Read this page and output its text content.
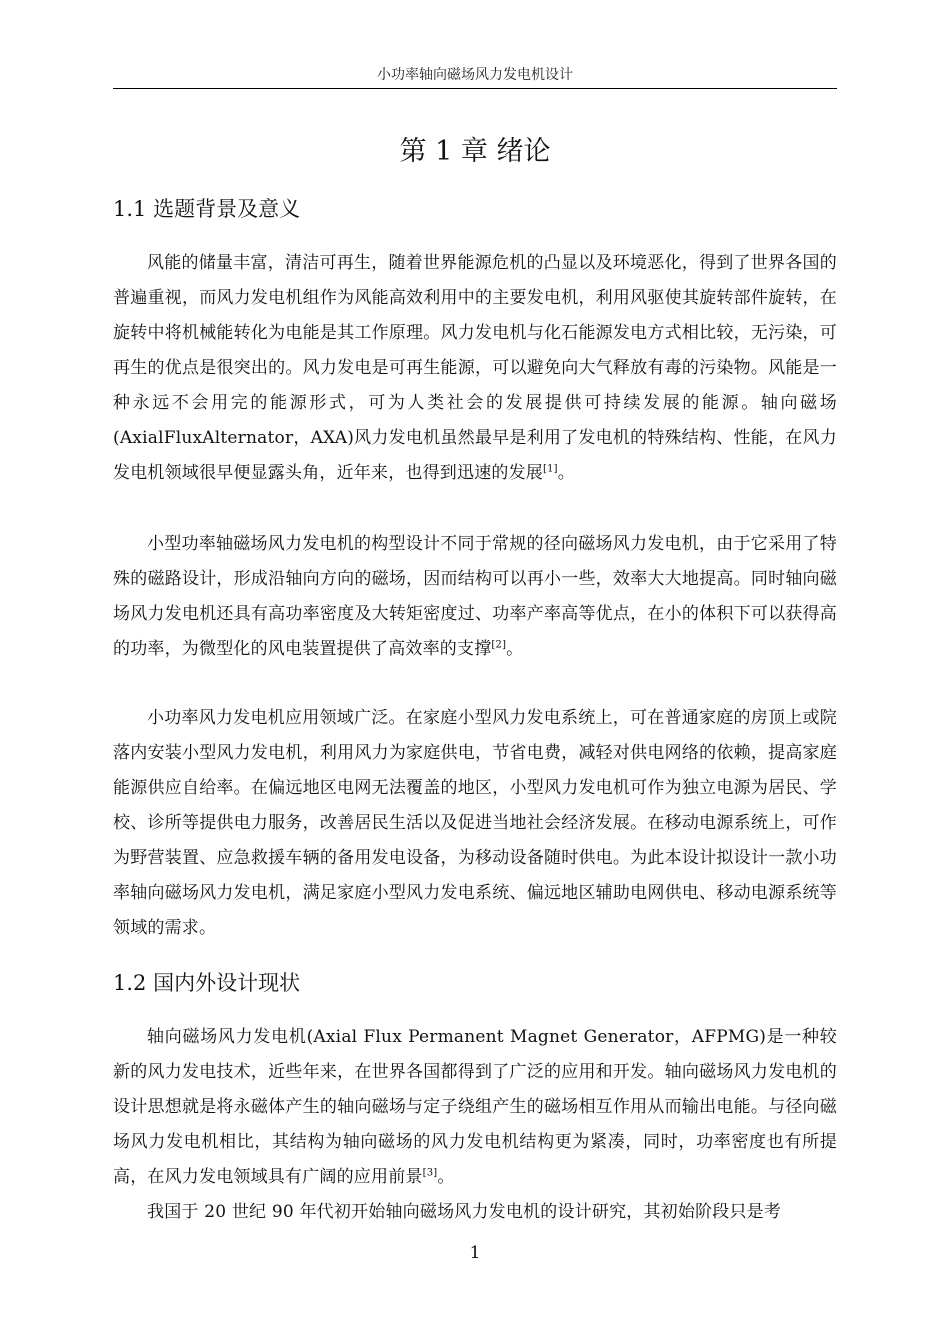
小功率轴向磁场风力发电机设计
第 1 章 绪论
1.1 选题背景及意义

风能的储量丰富，清洁可再生，随着世界能源危机的凸显以及环境恶化，得到了世界各国的普遍重视，而风力发电机组作为风能高效利用中的主要发电机，利用风驱使其旋转部件旋转，在旋转中将机械能转化为电能是其工作原理。风力发电机与化石能源发电方式相比较，无污染，可再生的优点是很突出的。风力发电是可再生能源，可以避免向大气释放有毒的污染物。风能是一种永远不会用完的能源形式，可为人类社会的发展提供可持续发展的能源。轴向磁场(AxialFluxAlternator，AXA)风力发电机虽然最早是利用了发电机的特殊结构、性能，在风力发电机领域很早便显露头角，近年来，也得到迅速的发展[1]。

小型功率轴磁场风力发电机的构型设计不同于常规的径向磁场风力发电机，由于它采用了特殊的磁路设计，形成沿轴向方向的磁场，因而结构可以再小一些，效率大大地提高。同时轴向磁场风力发电机还具有高功率密度及大转矩密度过、功率产率高等优点，在小的体积下可以获得高的功率，为微型化的风电装置提供了高效率的支撑[2]。

小功率风力发电机应用领域广泛。在家庭小型风力发电系统上，可在普通家庭的房顶上或院落内安装小型风力发电机，利用风力为家庭供电，节省电费，减轻对供电网络的依赖，提高家庭能源供应自给率。在偏远地区电网无法覆盖的地区，小型风力发电机可作为独立电源为居民、学校、诊所等提供电力服务，改善居民生活以及促进当地社会经济发展。在移动电源系统上，可作为野营装置、应急救援车辆的备用发电设备，为移动设备随时供电。为此本设计拟设计一款小功率轴向磁场风力发电机，满足家庭小型风力发电系统、偏远地区辅助电网供电、移动电源系统等领域的需求。

1.2 国内外设计现状

轴向磁场风力发电机(Axial Flux Permanent Magnet Generator，AFPMG)是一种较新的风力发电技术，近些年来，在世界各国都得到了广泛的应用和开发。轴向磁场风力发电机的设计思想就是将永磁体产生的轴向磁场与定子绕组产生的磁场相互作用从而输出电能。与径向磁场风力发电机相比，其结构为轴向磁场的风力发电机结构更为紧凑，同时，功率密度也有所提高，在风力发电领域具有广阔的应用前景[3]。

我国于 20 世纪 90 年代初开始轴向磁场风力发电机的设计研究，其初始阶段只是考

1
